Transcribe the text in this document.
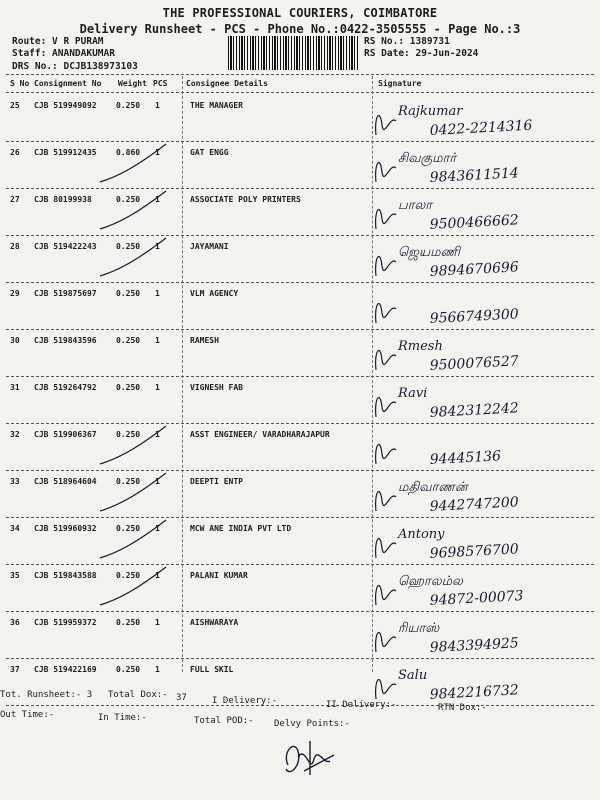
THE PROFESSIONAL COURIERS, COIMBATORE
Delivery Runsheet - PCS - Phone No.:0422-3505555 - Page No.:3
Route: V R PURAM
Staff: ANANDAKUMAR
DRS No.: DCJB138973103
RS No.: 1389731
RS Date: 29-Jun-2024
S No Consignment No Weight PCS Consignee Details	Signature
25 CJB 519949092 0.250 1	THE MANAGER	Rajkumar
0422-2214316
26 CJB 519912435 0.860 1	GAT ENGG	சிவகுமார்
9843611514
27 CJB 80199938	0.250 1	ASSOCIATE POLY PRINTERS	பாலா
9500466662
28 CJB 519422243 0.250 1	JAYAMANI	ஜெயமணி
9894670696
29 CJB 519875697 0.250 1	VLM AGENCY
9566749300
30 CJB 519843596 0.250 1	RAMESH	Rmesh
9500076527
31 CJB 519264792 0.250 1	VIGNESH FAB	Ravi
9842312242
32 CJB 519906367 0.250 1	ASST ENGINEER/ VARADHARAJAPUR
94445136
33 CJB 518964604 0.250 1	DEEPTI ENTP	மதிவாணன்
9442747200
34 CJB 519960932 0.250 1	MCW ANE INDIA PVT LTD	Antony
9698576700
35 CJB 519843588 0.250 1	PALANI KUMAR	ஹொலம்ல
94872-00073
36 CJB 519959372 0.250 1	AISHWARAYA	ரியாஸ்
9843394925
37 CJB 519422169 0.250 1	FULL SKIL	Salu
9842216732
Tot. Runsheet:- 3 Total Dox:- 37	I Delivery:-	II Delivery:-	RTN Dox:-
Out Time:-	In Time:-	Total POD:- Delvy Points:-
